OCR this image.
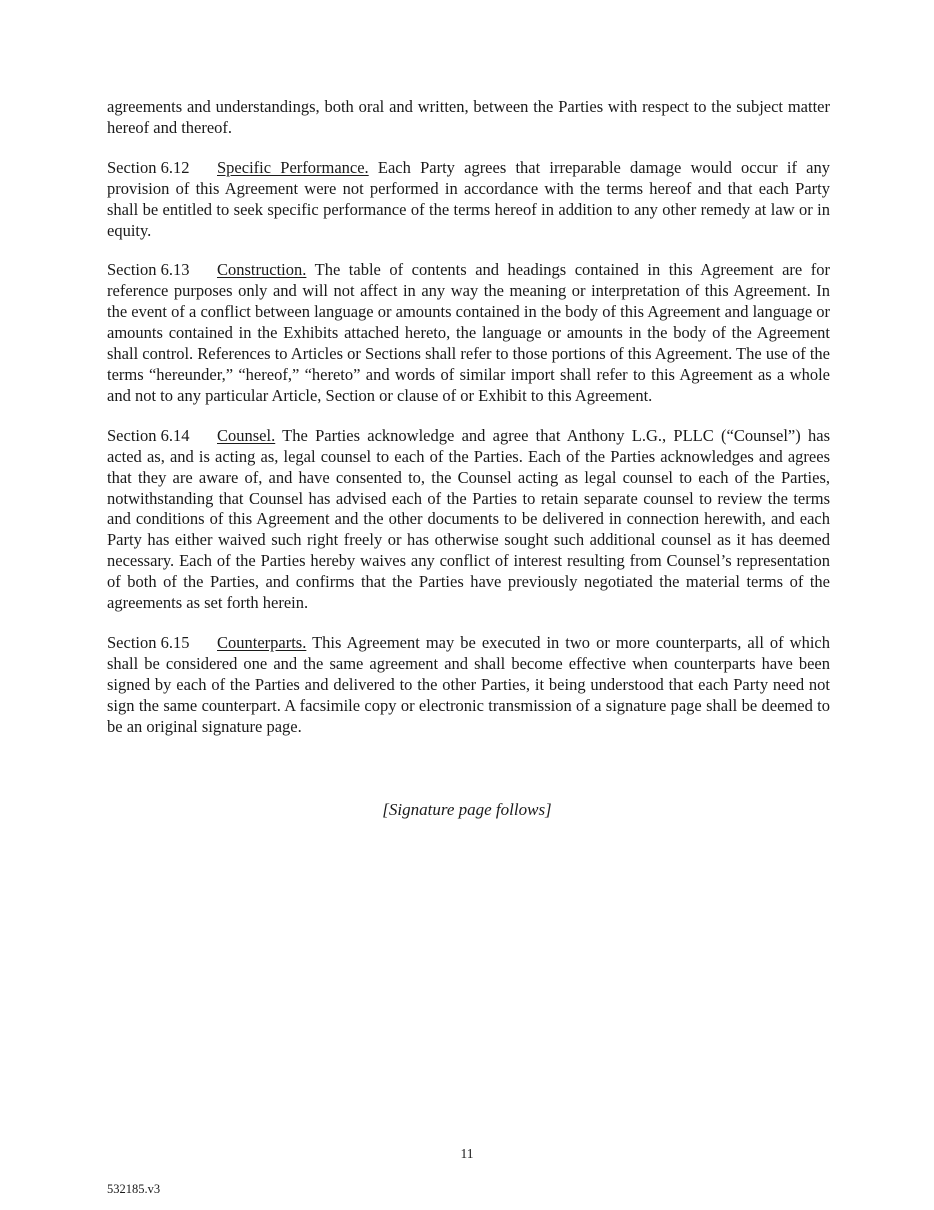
agreements and understandings, both oral and written, between the Parties with respect to the subject matter hereof and thereof.

Section 6.12 Specific Performance. Each Party agrees that irreparable damage would occur if any provision of this Agreement were not performed in accordance with the terms hereof and that each Party shall be entitled to seek specific performance of the terms hereof in addition to any other remedy at law or in equity.

Section 6.13 Construction. The table of contents and headings contained in this Agreement are for reference purposes only and will not affect in any way the meaning or interpretation of this Agreement. In the event of a conflict between language or amounts contained in the body of this Agreement and language or amounts contained in the Exhibits attached hereto, the language or amounts in the body of the Agreement shall control. References to Articles or Sections shall refer to those portions of this Agreement. The use of the terms “hereunder,” “hereof,” “hereto” and words of similar import shall refer to this Agreement as a whole and not to any particular Article, Section or clause of or Exhibit to this Agreement.

Section 6.14 Counsel. The Parties acknowledge and agree that Anthony L.G., PLLC (“Counsel”) has acted as, and is acting as, legal counsel to each of the Parties. Each of the Parties acknowledges and agrees that they are aware of, and have consented to, the Counsel acting as legal counsel to each of the Parties, notwithstanding that Counsel has advised each of the Parties to retain separate counsel to review the terms and conditions of this Agreement and the other documents to be delivered in connection herewith, and each Party has either waived such right freely or has otherwise sought such additional counsel as it has deemed necessary. Each of the Parties hereby waives any conflict of interest resulting from Counsel’s representation of both of the Parties, and confirms that the Parties have previously negotiated the material terms of the agreements as set forth herein.

Section 6.15 Counterparts. This Agreement may be executed in two or more counterparts, all of which shall be considered one and the same agreement and shall become effective when counterparts have been signed by each of the Parties and delivered to the other Parties, it being understood that each Party need not sign the same counterpart. A facsimile copy or electronic transmission of a signature page shall be deemed to be an original signature page.

[Signature page follows]

11

532185.v3
